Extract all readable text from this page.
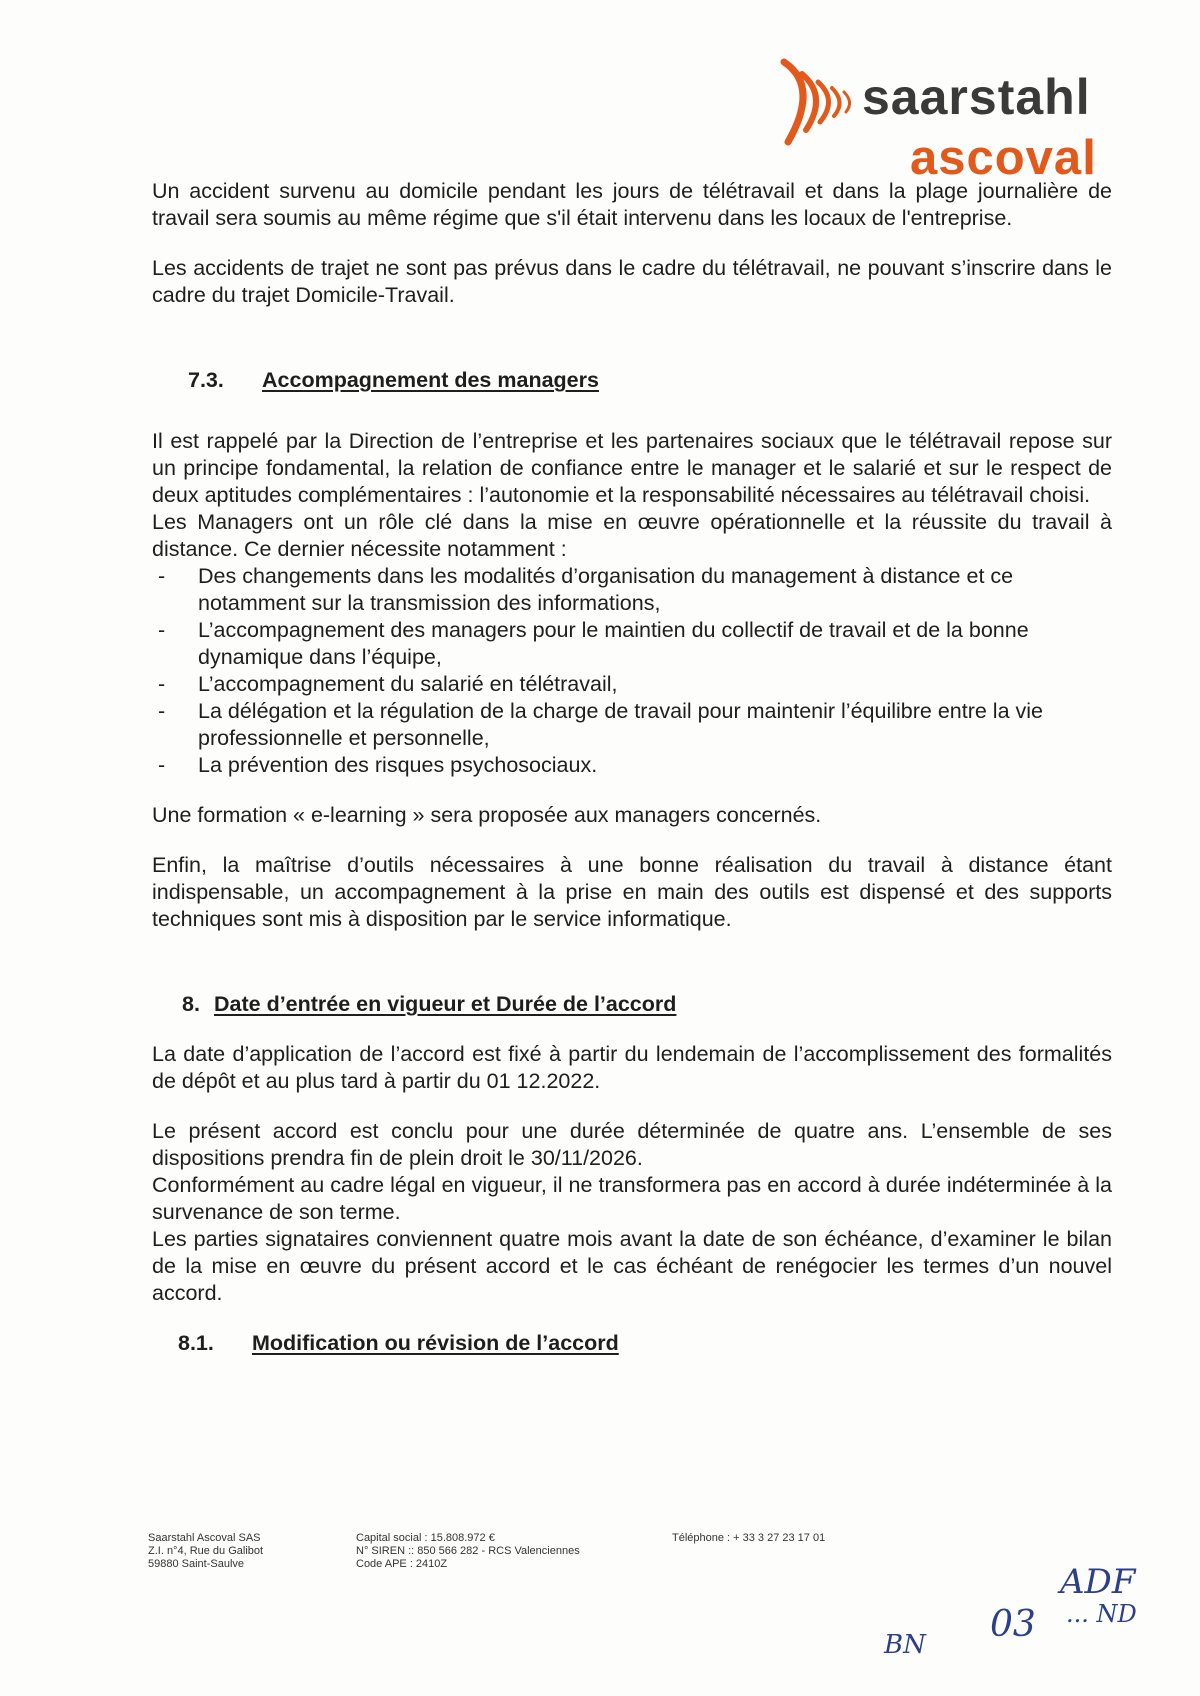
saarstahl
ascoval

Un accident survenu au domicile pendant les jours de télétravail et dans la plage journalière de travail sera soumis au même régime que s'il était intervenu dans les locaux de l'entreprise.

Les accidents de trajet ne sont pas prévus dans le cadre du télétravail, ne pouvant s’inscrire dans le cadre du trajet Domicile-Travail.

7.3.	Accompagnement des managers

Il est rappelé par la Direction de l’entreprise et les partenaires sociaux que le télétravail repose sur un principe fondamental, la relation de confiance entre le manager et le salarié et sur le respect de deux aptitudes complémentaires : l’autonomie et la responsabilité nécessaires au télétravail choisi.

Les Managers ont un rôle clé dans la mise en œuvre opérationnelle et la réussite du travail à distance. Ce dernier nécessite notamment :

- Des changements dans les modalités d’organisation du management à distance et ce notamment sur la transmission des informations,
- L’accompagnement des managers pour le maintien du collectif de travail et de la bonne dynamique dans l’équipe,
- L’accompagnement du salarié en télétravail,
- La délégation et la régulation de la charge de travail pour maintenir l’équilibre entre la vie professionnelle et personnelle,
- La prévention des risques psychosociaux.

Une formation « e-learning » sera proposée aux managers concernés.

Enfin, la maîtrise d’outils nécessaires à une bonne réalisation du travail à distance étant indispensable, un accompagnement à la prise en main des outils est dispensé et des supports techniques sont mis à disposition par le service informatique.

8. Date d’entrée en vigueur et Durée de l’accord

La date d’application de l’accord est fixé à partir du lendemain de l’accomplissement des formalités de dépôt et au plus tard à partir du 01 12.2022.

Le présent accord est conclu pour une durée déterminée de quatre ans. L’ensemble de ses dispositions prendra fin de plein droit le 30/11/2026.

Conformément au cadre légal en vigueur, il ne transformera pas en accord à durée indéterminée à la survenance de son terme.

Les parties signataires conviennent quatre mois avant la date de son échéance, d’examiner le bilan de la mise en œuvre du présent accord et le cas échéant de renégocier les termes d’un nouvel accord.

8.1.	Modification ou révision de l’accord
Saarstahl Ascoval SAS
Z.I. n°4, Rue du Galibot
59880 Saint-Saulve
Capital social : 15.808.972 €
N° SIREN :: 850 566 282 - RCS Valenciennes
Code APE : 2410Z
Téléphone : + 33 3 27 23 17 01
ADF
BN 03 ... ND
